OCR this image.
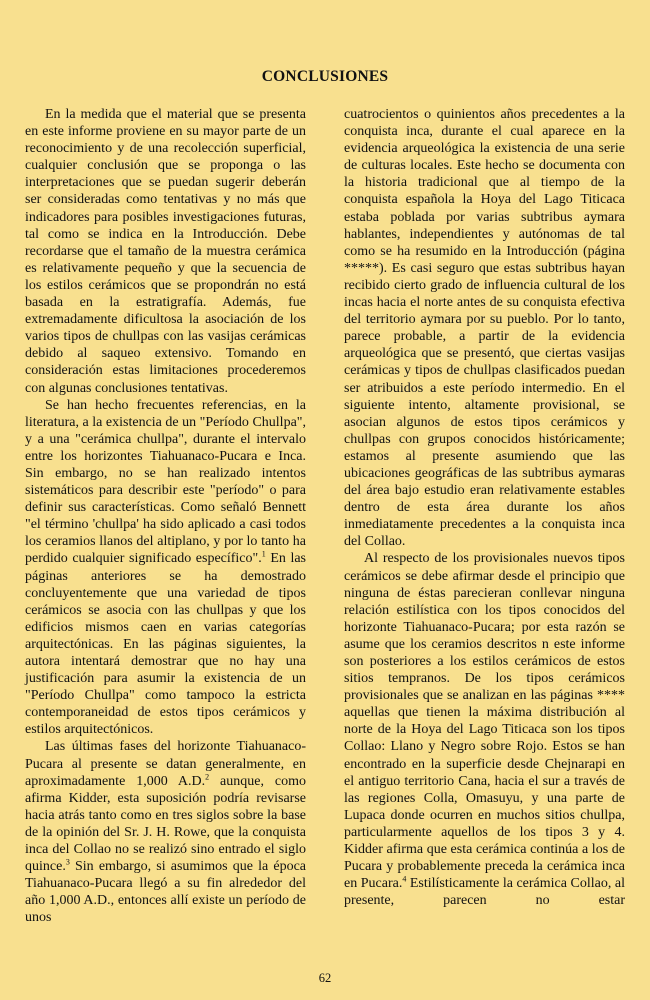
CONCLUSIONES

En la medida que el material que se presenta en este informe proviene en su mayor parte de un reconocimiento y de una recolección superficial, cualquier conclusión que se proponga o las interpretaciones que se puedan sugerir deberán ser consideradas como tentativas y no más que indicadores para posibles investigaciones futuras, tal como se indica en la Introducción. Debe recordarse que el tamaño de la muestra cerámica es relativamente pequeño y que la secuencia de los estilos cerámicos que se propondrán no está basada en la estratigrafía. Además, fue extremadamente dificultosa la asociación de los varios tipos de chullpas con las vasijas cerámicas debido al saqueo extensivo. Tomando en consideración estas limitaciones procederemos con algunas conclusiones tentativas.

Se han hecho frecuentes referencias, en la literatura, a la existencia de un "Período Chullpa", y a una "cerámica chullpa", durante el intervalo entre los horizontes Tiahuanaco-Pucara e Inca. Sin embargo, no se han realizado intentos sistemáticos para describir este "período" o para definir sus características. Como señaló Bennett "el término 'chullpa' ha sido aplicado a casi todos los ceramios llanos del altiplano, y por lo tanto ha perdido cualquier significado específico".$^1$ En las páginas anteriores se ha demostrado concluyentemente que una variedad de tipos cerámicos se asocia con las chullpas y que los edificios mismos caen en varias categorías arquitectónicas. En las páginas siguientes, la autora intentará demostrar que no hay una justificación para asumir la existencia de un "Período Chullpa" como tampoco la estricta contemporaneidad de estos tipos cerámicos y estilos arquitectónicos.

Las últimas fases del horizonte Tiahuanaco-Pucara al presente se datan generalmente, en aproximadamente 1,000 A.D.$^2$ aunque, como afirma Kidder, esta suposición podría revisarse hacia atrás tanto como en tres siglos sobre la base de la opinión del Sr. J. H. Rowe, que la conquista inca del Collao no se realizó sino entrado el siglo quince.$^3$ Sin embargo, si asumimos que la época Tiahuanaco-Pucara llegó a su fin alrededor del año 1,000 A.D., entonces allí existe un período de unos

cuatrocientos o quinientos años precedentes a la conquista inca, durante el cual aparece en la evidencia arqueológica la existencia de una serie de culturas locales. Este hecho se documenta con la historia tradicional que al tiempo de la conquista española la Hoya del Lago Titicaca estaba poblada por varias subtribus aymara hablantes, independientes y autónomas de tal como se ha resumido en la Introducción (página *****). Es casi seguro que estas subtribus hayan recibido cierto grado de influencia cultural de los incas hacia el norte antes de su conquista efectiva del territorio aymara por su pueblo. Por lo tanto, parece probable, a partir de la evidencia arqueológica que se presentó, que ciertas vasijas cerámicas y tipos de chullpas clasificados puedan ser atribuidos a este período intermedio. En el siguiente intento, altamente provisional, se asocian algunos de estos tipos cerámicos y chullpas con grupos conocidos históricamente; estamos al presente asumiendo que las ubicaciones geográficas de las subtribus aymaras del área bajo estudio eran relativamente estables dentro de esta área durante los años inmediatamente precedentes a la conquista inca del Collao.

Al respecto de los provisionales nuevos tipos cerámicos se debe afirmar desde el principio que ninguna de éstas parecieran conllevar ninguna relación estilística con los tipos conocidos del horizonte Tiahuanaco-Pucara; por esta razón se asume que los ceramios descritos n este informe son posteriores a los estilos cerámicos de estos sitios tempranos. De los tipos cerámicos provisionales que se analizan en las páginas **** aquellas que tienen la máxima distribución al norte de la Hoya del Lago Titicaca son los tipos Collao: Llano y Negro sobre Rojo. Estos se han encontrado en la superficie desde Chejnarapi en el antiguo territorio Cana, hacia el sur a través de las regiones Colla, Omasuyu, y una parte de Lupaca donde ocurren en muchos sitios chullpa, particularmente aquellos de los tipos 3 y 4. Kidder afirma que esta cerámica continúa a los de Pucara y probablemente preceda la cerámica inca en Pucara.$^4$ Estilísticamente la cerámica Collao, al presente, parecen no estar

62
